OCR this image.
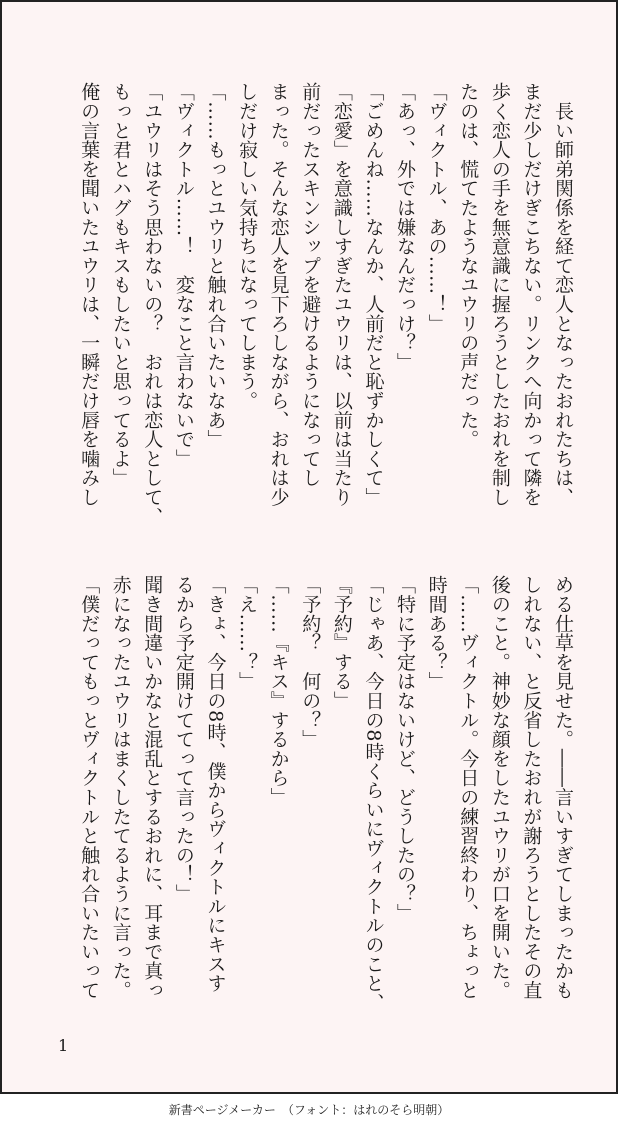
　長い師弟関係を経て恋人となったおれたちは、
まだ少しだけぎこちない。リンクへ向かって隣を
歩く恋人の手を無意識に握ろうとしたおれを制し
たのは、慌てたようなユウリの声だった。
「ヴィクトル、あの……！」
「あっ、外では嫌なんだっけ？」
「ごめんね……なんか、人前だと恥ずかしくて」
「恋愛」を意識しすぎたユウリは、以前は当たり
前だったスキンシップを避けるようになってし
まった。そんな恋人を見下ろしながら、おれは少
しだけ寂しい気持ちになってしまう。
「……もっとユウリと触れ合いたいなあ」
「ヴィクトル……！　変なこと言わないで」
「ユウリはそう思わないの？　おれは恋人として、
もっと君とハグもキスもしたいと思ってるよ」
俺の言葉を聞いたユウリは、一瞬だけ唇を噛みし
める仕草を見せた。――言いすぎてしまったかも
しれない、と反省したおれが謝ろうとしたその直
後のこと。神妙な顔をしたユウリが口を開いた。
「……ヴィクトル。今日の練習終わり、ちょっと
時間ある？」
「特に予定はないけど、どうしたの？」
「じゃあ、今日の8時くらいにヴィクトルのこと、
『予約』する」
「予約？　何の？」
「……『キス』するから」
「え……？」
「きょ、今日の8時、僕からヴィクトルにキスす
るから予定開けててって言ったの！」
聞き間違いかなと混乱とするおれに、耳まで真っ
赤になったユウリはまくしたてるように言った。
「僕だってもっとヴィクトルと触れ合いたいって
1
新書ページメーカー　（フォント：はれのそら明朝）
